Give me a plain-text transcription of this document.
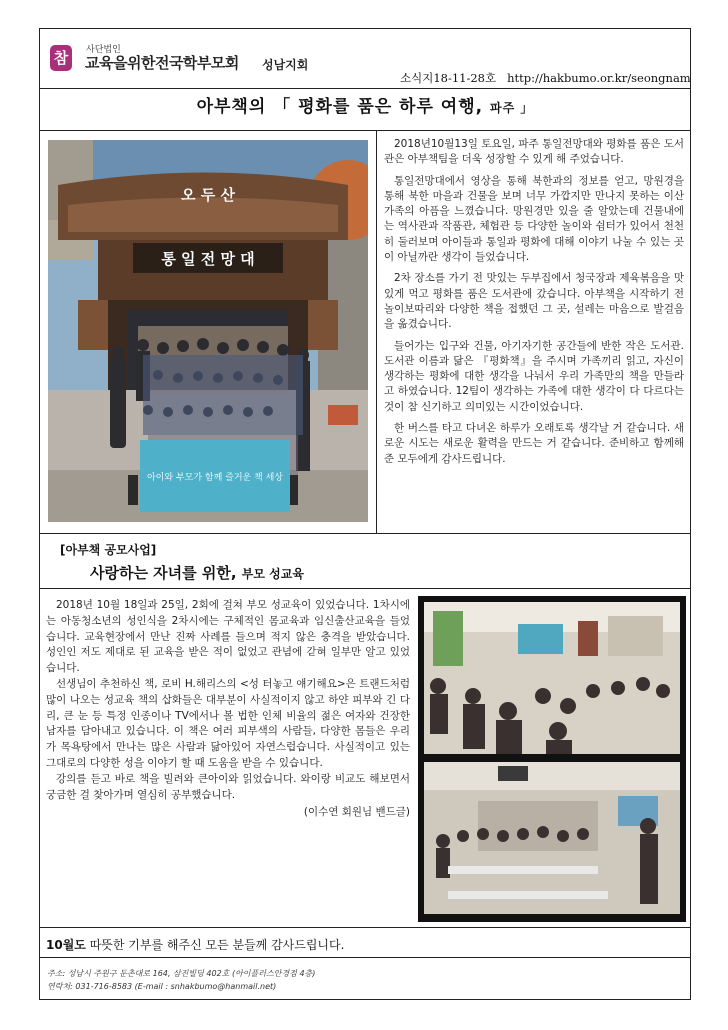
참	사단법인
교육을위한전국학부모회 성남지회
소식지18-11-28호 http://hakbumo.or.kr/seongnam
아부책의 「 평화를 품은 하루 여행, 파주 」
아이와 부모가 함께 즐거운 책 세상
오 두 산
통 일 전 망 대

2018년10월13일 토요일, 파주 통일전망대와 평화를 품은 도서관은 아부책팀을 더욱 성장할 수 있게 해 주었습니다.

통일전망대에서 영상을 통해 북한과의 정보를 얻고, 망원경을 통해 북한 마을과 건물을 보며 너무 가깝지만 만나지 못하는 이산가족의 아픔을 느꼈습니다. 망원경만 있을 줄 알았는데 건물내에는 역사관과 작품관, 체험관 등 다양한 놀이와 쉼터가 있어서 천천히 둘러보며 아이들과 통일과 평화에 대해 이야기 나눌 수 있는 곳이 아닐까란 생각이 들었습니다.

2차 장소를 가기 전 맛있는 두부집에서 청국장과 제육볶음을 맛있게 먹고 평화를 품은 도서관에 갔습니다. 아부책을 시작하기 전 놀이보따리와 다양한 책을 접했던 그 곳, 설레는 마음으로 발걸음을 옮겼습니다.

들어가는 입구와 건물, 아기자기한 공간들에 반한 작은 도서관. 도서관 이름과 닮은 『평화책』을 주시며 가족끼리 읽고, 자신이 생각하는 평화에 대한 생각을 나눠서 우리 가족만의 책을 만들라고 하였습니다. 12팀이 생각하는 가족에 대한 생각이 다 다르다는 것이 참 신기하고 의미있는 시간이었습니다.

한 버스를 타고 다녀온 하루가 오래토록 생각날 거 같습니다. 새로운 시도는 새로운 활력을 만드는 거 같습니다. 준비하고 함께해 준 모두에게 감사드립니다.

[아부책 공모사업]
사랑하는 자녀를 위한, 부모 성교육

2018년 10월 18일과 25일, 2회에 걸쳐 부모 성교육이 있었습니다. 1차시에는 아동청소년의 성인식을 2차시에는 구체적인 몸교육과 임신출산교육을 들었습니다. 교육현장에서 만난 진짜 사례를 들으며 적지 않은 충격을 받았습니다. 성인인 저도 제대로 된 교육을 받은 적이 없었고 관념에 갇혀 일부만 알고 있었습니다.

선생님이 추천하신 책, 로비 H.해리스의 <성 터놓고 얘기해요>은 트랜드처럼 많이 나오는 성교육 책의 삽화들은 대부분이 사실적이지 않고 하얀 피부와 긴 다리, 큰 눈 등 특정 인종이나 TV에서나 볼 법한 인체 비율의 젊은 여자와 건장한 남자를 담아내고 있습니다. 이 책은 여러 피부색의 사람들, 다양한 몸들은 우리가 목욕탕에서 만나는 많은 사람과 닮아있어 자연스럽습니다. 사실적이고 있는 그대로의 다양한 성을 이야기 할 때 도움을 받을 수 있습니다.

강의를 듣고 바로 책을 빌려와 큰아이와 읽었습니다. 와이랑 비교도 해보면서 궁금한 걸 찾아가며 열심히 공부했습니다.

(이수연 회원님 밴드글)

10월도 따뜻한 기부를 해주신 모든 분들께 감사드립니다.
주소: 성남시 주원구 둔촌대로 164, 삼진빌딩 402호 (아이플러스안경점 4층)
연락처: 031-716-8583 (E-mail : snhakbumo@hanmail.net)
